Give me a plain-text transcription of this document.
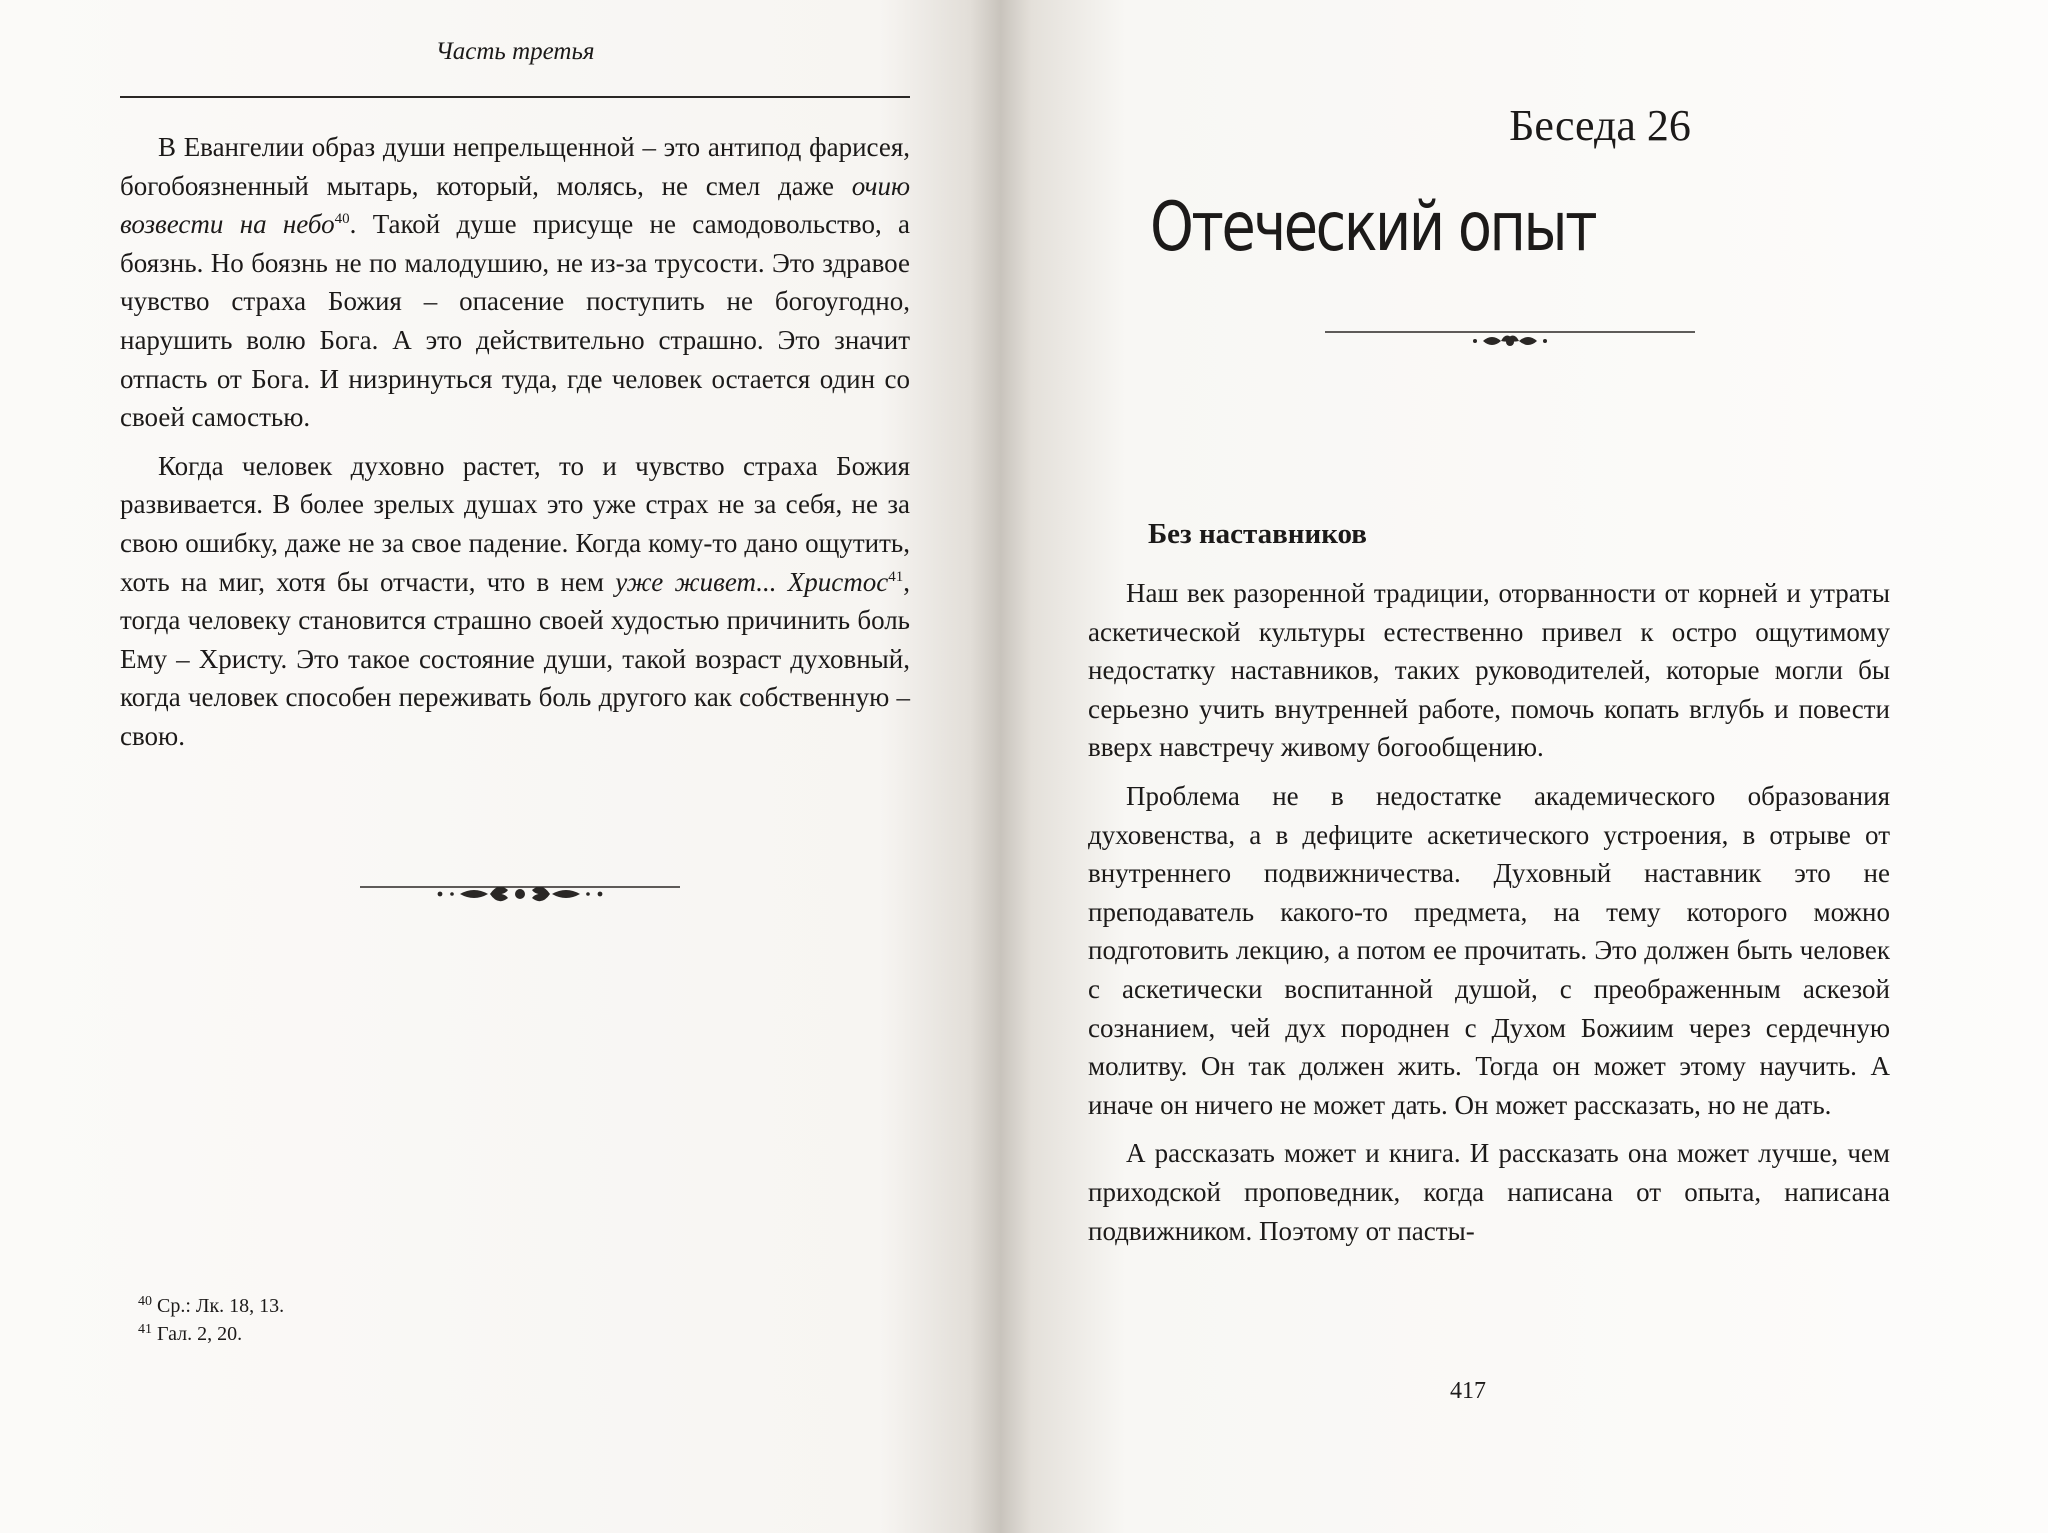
Часть третья

В Евангелии образ души непрельщенной – это антипод фарисея, богобоязненный мытарь, который, молясь, не смел даже очию возвести на небо$^{40}$. Такой душе присуще не самодовольство, а боязнь. Но боязнь не по малодушию, не из-за трусости. Это здравое чувство страха Божия – опасение поступить не богоугодно, нарушить волю Бога. А это действительно страшно. Это значит отпасть от Бога. И низринуться туда, где человек остается один со своей самостью.

Когда человек духовно растет, то и чувство страха Божия развивается. В более зрелых душах это уже страх не за себя, не за свою ошибку, даже не за свое падение. Когда кому-то дано ощутить, хоть на миг, хотя бы отчасти, что в нем уже живет... Христос$^{41}$, тогда человеку становится страшно своей худостью причинить боль Ему – Христу. Это такое состояние души, такой возраст духовный, когда человек способен переживать боль другого как собственную – свою.

$^{40}$ Ср.: Лк. 18, 13.
$^{41}$ Гал. 2, 20.
Беседа 26
Отеческий опыт
Без наставников

Наш век разоренной традиции, оторванности от корней и утраты аскетической культуры естественно привел к остро ощутимому недостатку наставников, таких руководителей, которые могли бы серьезно учить внутренней работе, помочь копать вглубь и повести вверх навстречу живому богообщению.

Проблема не в недостатке академического образования духовенства, а в дефиците аскетического устроения, в отрыве от внутреннего подвижничества. Духовный наставник это не преподаватель какого-то предмета, на тему которого можно подготовить лекцию, а потом ее прочитать. Это должен быть человек с аскетически воспитанной душой, с преображенным аскезой сознанием, чей дух породнен с Духом Божиим через сердечную молитву. Он так должен жить. Тогда он может этому научить. А иначе он ничего не может дать. Он может рассказать, но не дать.

А рассказать может и книга. И рассказать она может лучше, чем приходской проповедник, когда написана от опыта, написана подвижником. Поэтому от пасты-

417
